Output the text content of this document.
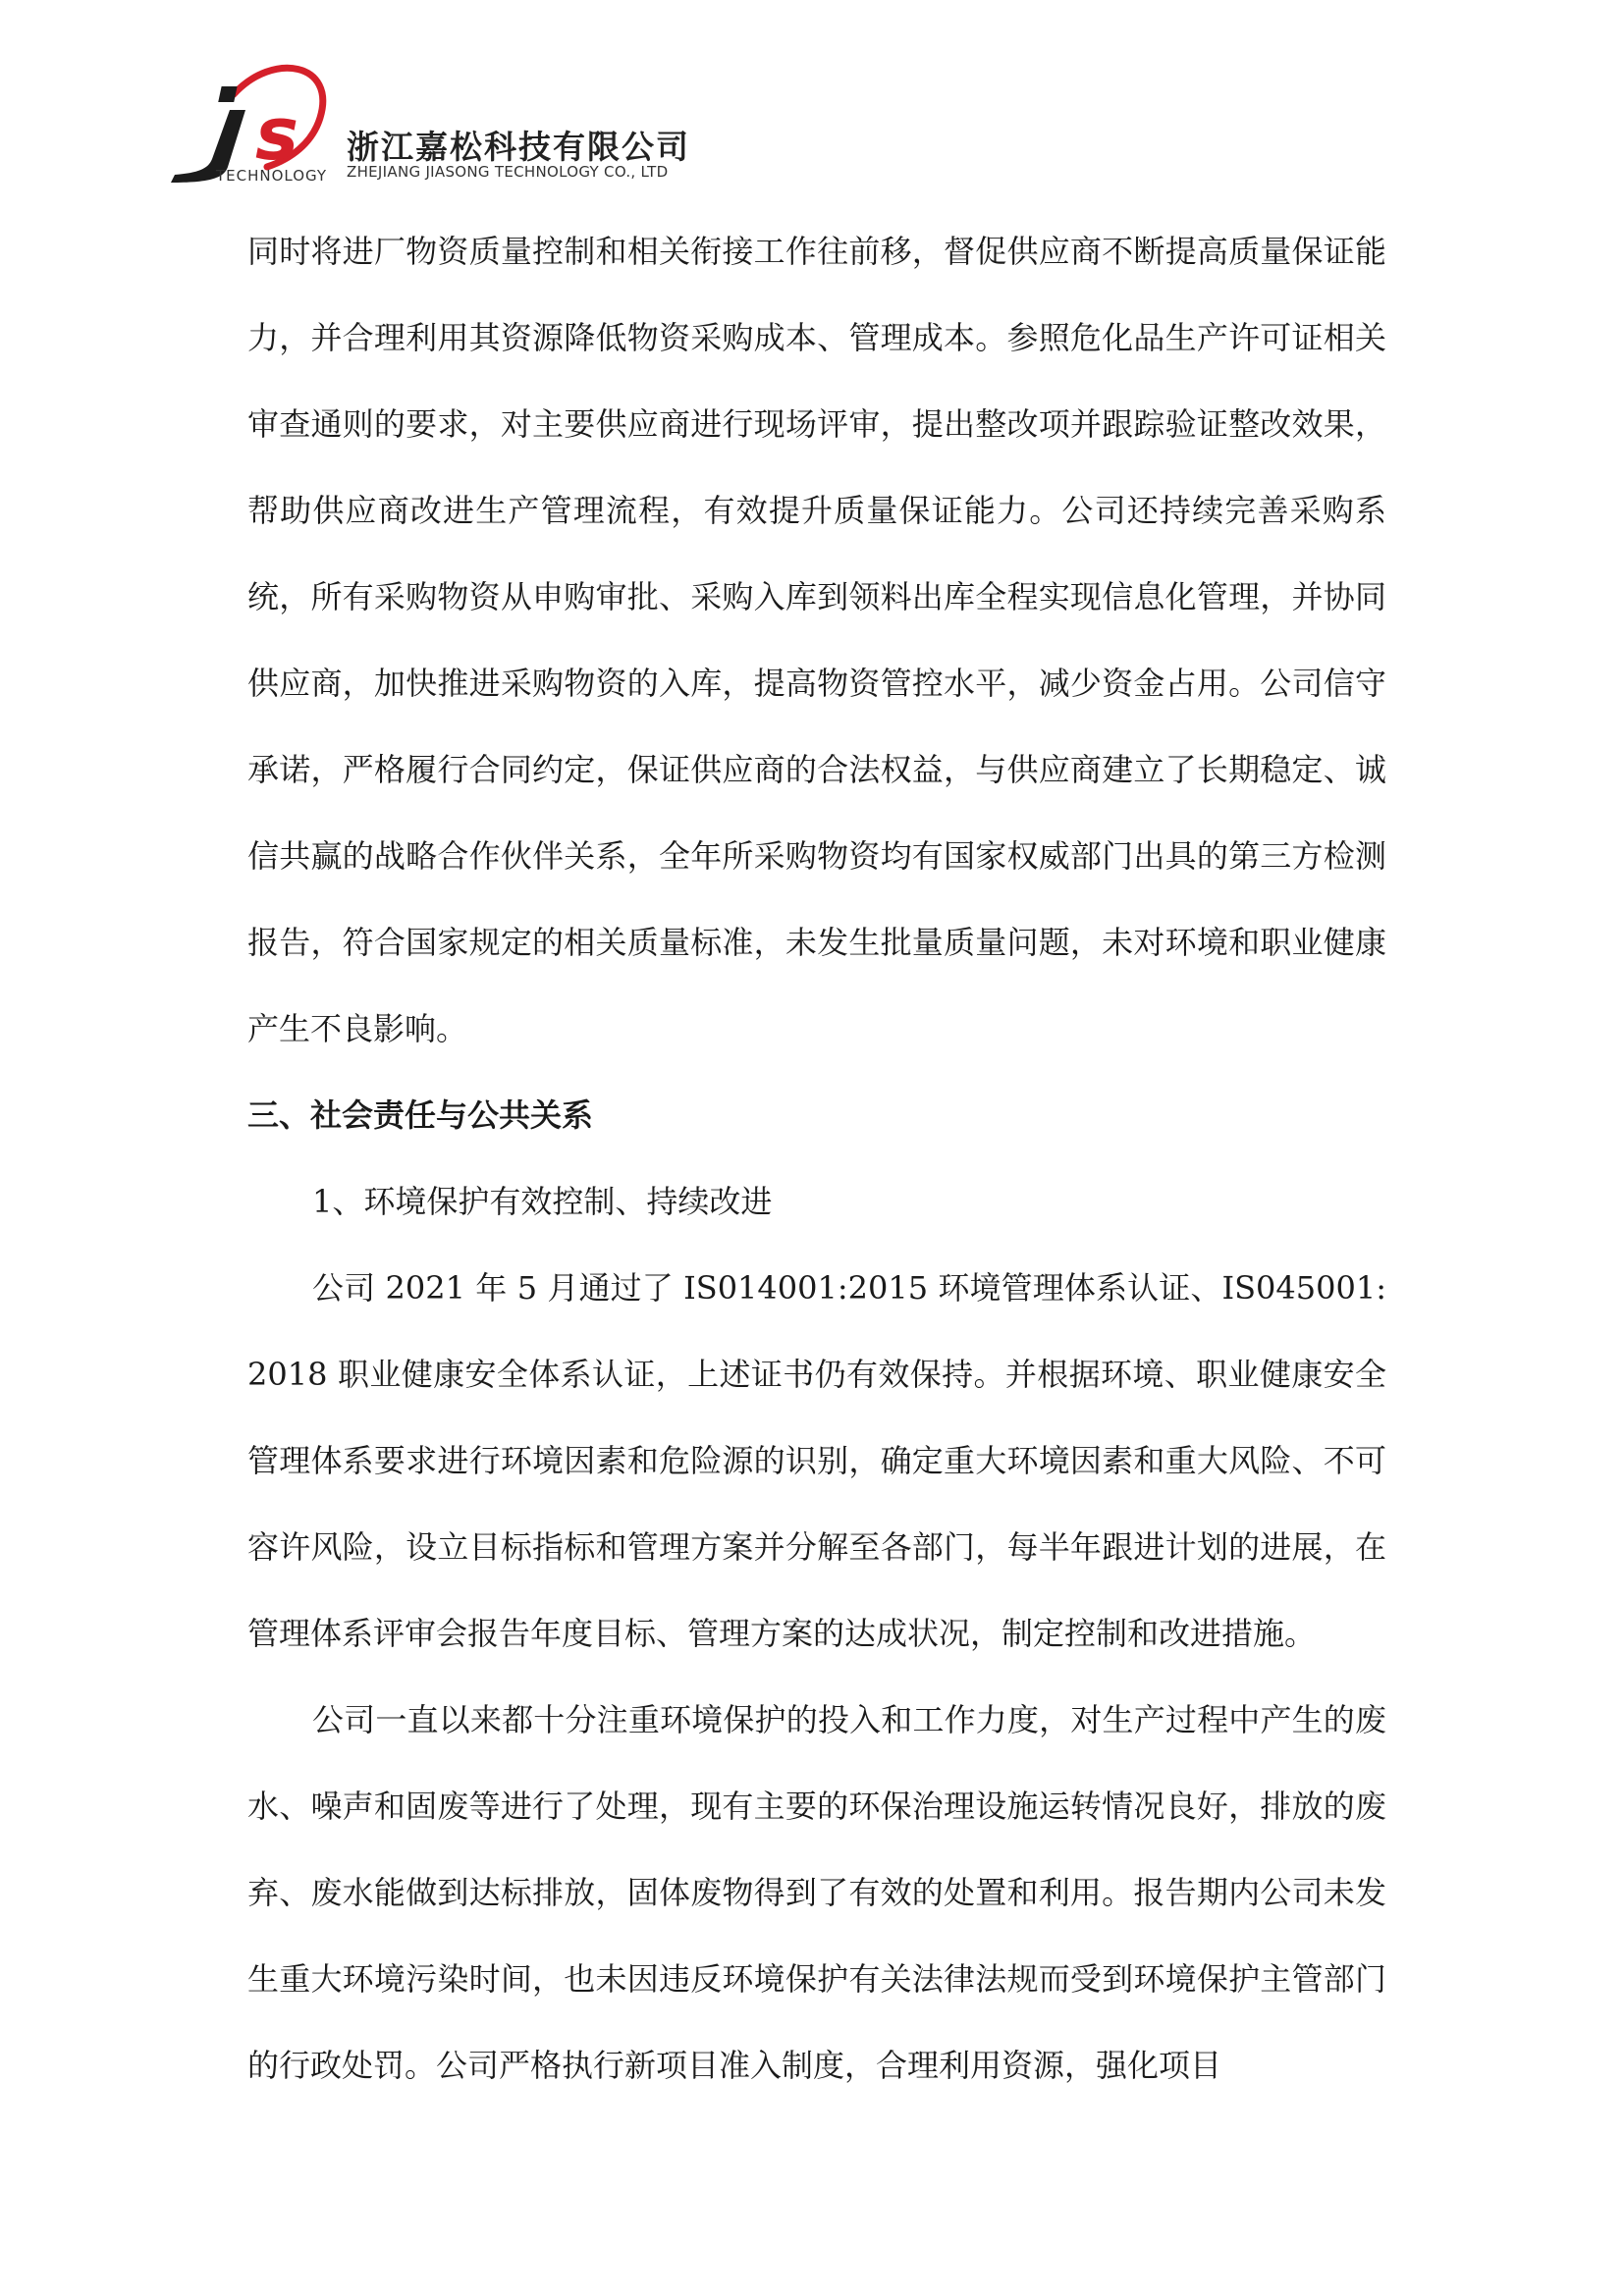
s
TECHNOLOGY
浙江嘉松科技有限公司
ZHEJIANG JIASONG TECHNOLOGY CO., LTD

同时将进厂物资质量控制和相关衔接工作往前移，督促供应商不断提高质量保证能力，并合理利用其资源降低物资采购成本、管理成本。参照危化品生产许可证相关审查通则的要求，对主要供应商进行现场评审，提出整改项并跟踪验证整改效果，帮助供应商改进生产管理流程，有效提升质量保证能力。公司还持续完善采购系统，所有采购物资从申购审批、采购入库到领料出库全程实现信息化管理，并协同供应商，加快推进采购物资的入库，提高物资管控水平，减少资金占用。公司信守承诺，严格履行合同约定，保证供应商的合法权益，与供应商建立了长期稳定、诚信共赢的战略合作伙伴关系，全年所采购物资均有国家权威部门出具的第三方检测报告，符合国家规定的相关质量标准，未发生批量质量问题，未对环境和职业健康产生不良影响。

三、社会责任与公共关系

1、环境保护有效控制、持续改进

公司 2021 年 5 月通过了 IS014001:2015 环境管理体系认证、IS045001:2018 职业健康安全体系认证，上述证书仍有效保持。并根据环境、职业健康安全管理体系要求进行环境因素和危险源的识别，确定重大环境因素和重大风险、不可容许风险，设立目标指标和管理方案并分解至各部门，每半年跟进计划的进展，在管理体系评审会报告年度目标、管理方案的达成状况，制定控制和改进措施。

公司一直以来都十分注重环境保护的投入和工作力度，对生产过程中产生的废水、噪声和固废等进行了处理，现有主要的环保治理设施运转情况良好，排放的废弃、废水能做到达标排放，固体废物得到了有效的处置和利用。报告期内公司未发生重大环境污染时间，也未因违反环境保护有关法律法规而受到环境保护主管部门的行政处罚。公司严格执行新项目准入制度，合理利用资源，强化项目
